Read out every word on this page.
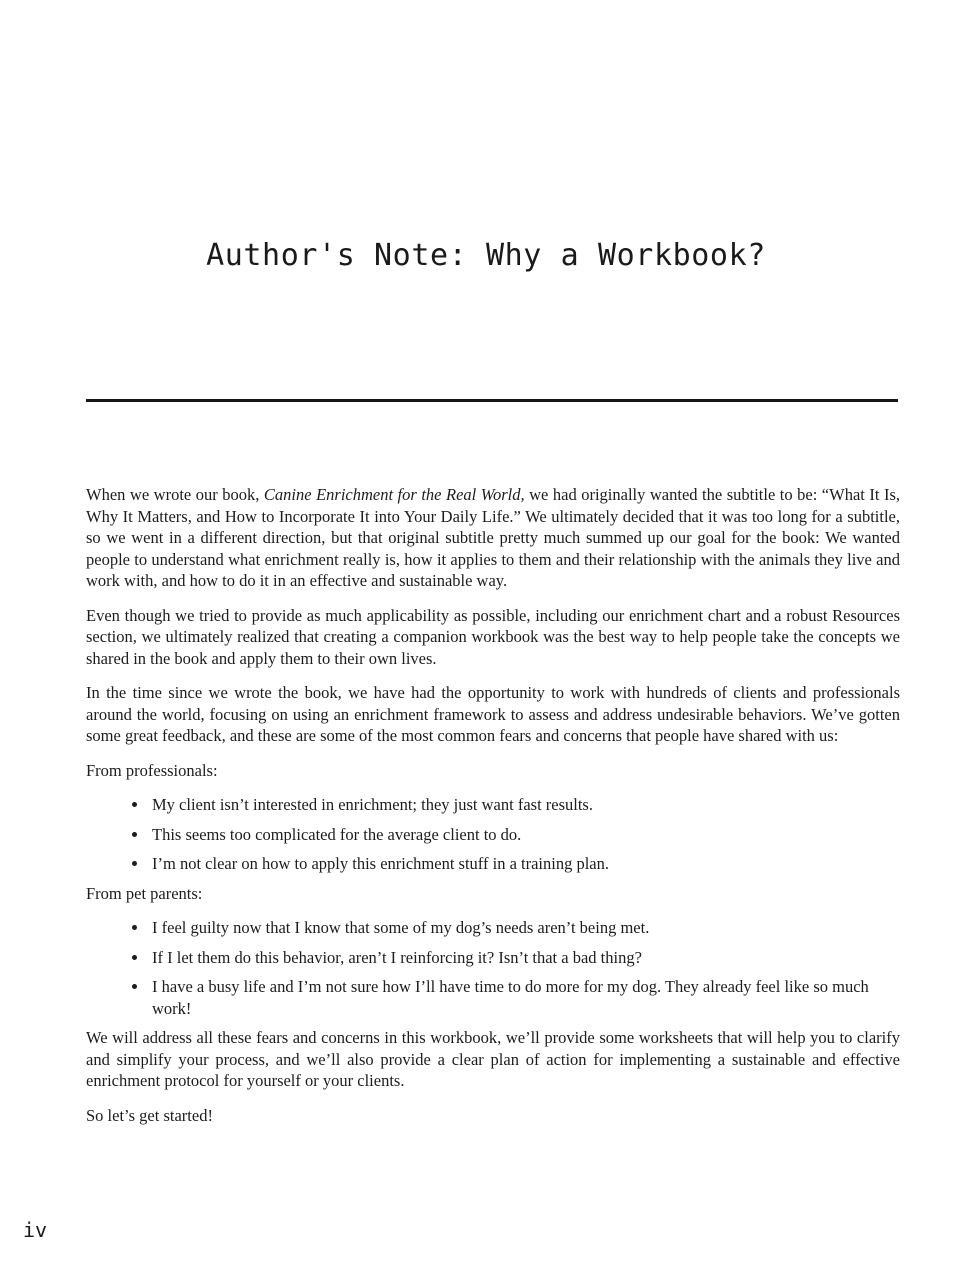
Author's Note: Why a Workbook?

When we wrote our book, Canine Enrichment for the Real World, we had originally wanted the subtitle to be: “What It Is, Why It Matters, and How to Incorporate It into Your Daily Life.” We ultimately decided that it was too long for a subtitle, so we went in a different direction, but that original subtitle pretty much summed up our goal for the book: We wanted people to understand what enrichment really is, how it applies to them and their relationship with the animals they live and work with, and how to do it in an effective and sustainable way.

Even though we tried to provide as much applicability as possible, including our enrichment chart and a robust Resources section, we ultimately realized that creating a companion workbook was the best way to help people take the concepts we shared in the book and apply them to their own lives.

In the time since we wrote the book, we have had the opportunity to work with hundreds of clients and professionals around the world, focusing on using an enrichment framework to assess and address undesirable behaviors. We’ve gotten some great feedback, and these are some of the most common fears and concerns that people have shared with us:

From professionals:

• My client isn’t interested in enrichment; they just want fast results.
• This seems too complicated for the average client to do.
• I’m not clear on how to apply this enrichment stuff in a training plan.

From pet parents:

• I feel guilty now that I know that some of my dog’s needs aren’t being met.
• If I let them do this behavior, aren’t I reinforcing it? Isn’t that a bad thing?
• I have a busy life and I’m not sure how I’ll have time to do more for my dog. They already feel like so much work!

We will address all these fears and concerns in this workbook, we’ll provide some worksheets that will help you to clarify and simplify your process, and we’ll also provide a clear plan of action for implementing a sustainable and effective enrichment protocol for yourself or your clients.

So let’s get started!

iv
